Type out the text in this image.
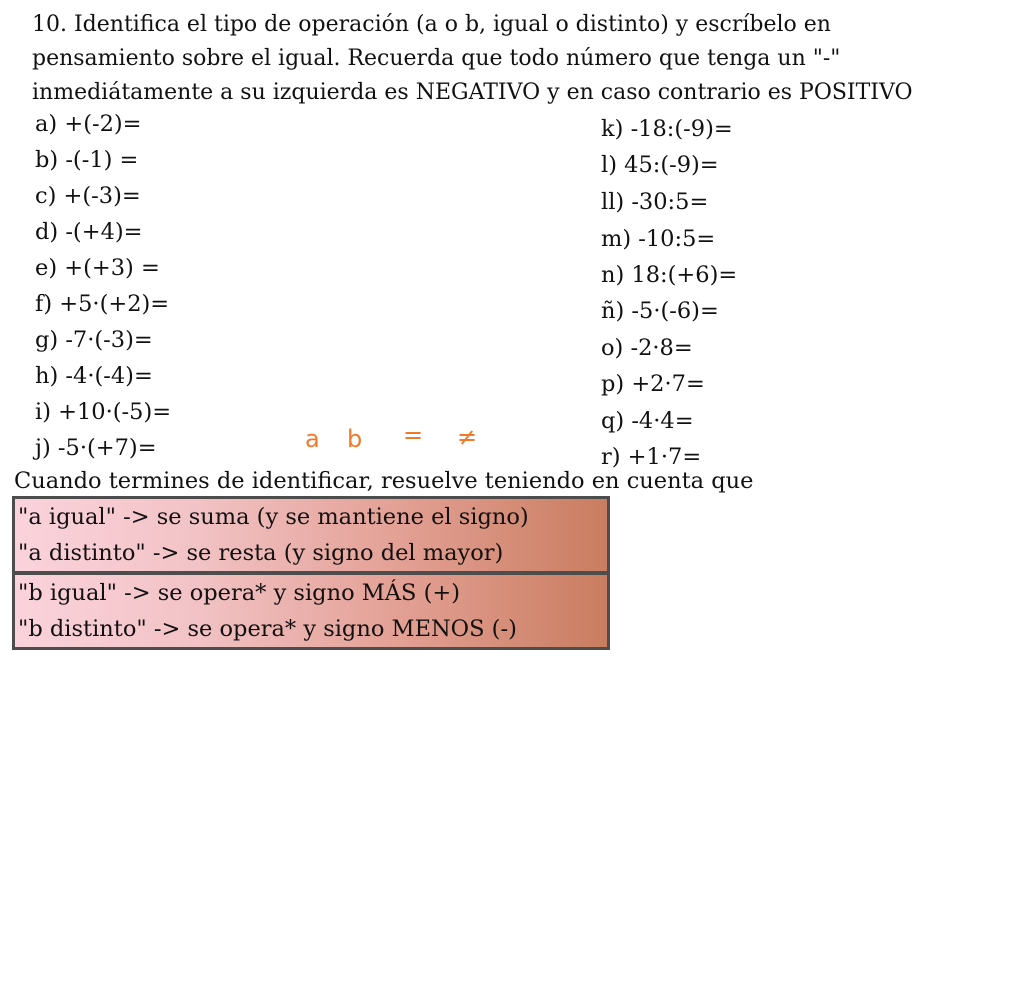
10. Identifica el tipo de operación (a o b, igual o distinto) y escríbelo en
pensamiento sobre el igual. Recuerda que todo número que tenga un "-"
inmediátamente a su izquierda es NEGATIVO y en caso contrario es POSITIVO
a) +(-2)=
b) -(-1) =
c) +(-3)=
d) -(+4)=
e) +(+3) =
f) +5·(+2)=
g) -7·(-3)=
h) -4·(-4)=
i) +10·(-5)=
j) -5·(+7)=
k) -18:(-9)=
l) 45:(-9)=
ll) -30:5=
m) -10:5=
n) 18:(+6)=
ñ) -5·(-6)=
o) -2·8=
p) +2·7=
q) -4·4=
r) +1·7=
a b = ≠
Cuando termines de identificar, resuelve teniendo en cuenta que
"a igual" -> se suma (y se mantiene el signo)
"a distinto" -> se resta (y signo del mayor)
"b igual" -> se opera* y signo MÁS (+)
"b distinto" -> se opera* y signo MENOS (-)
